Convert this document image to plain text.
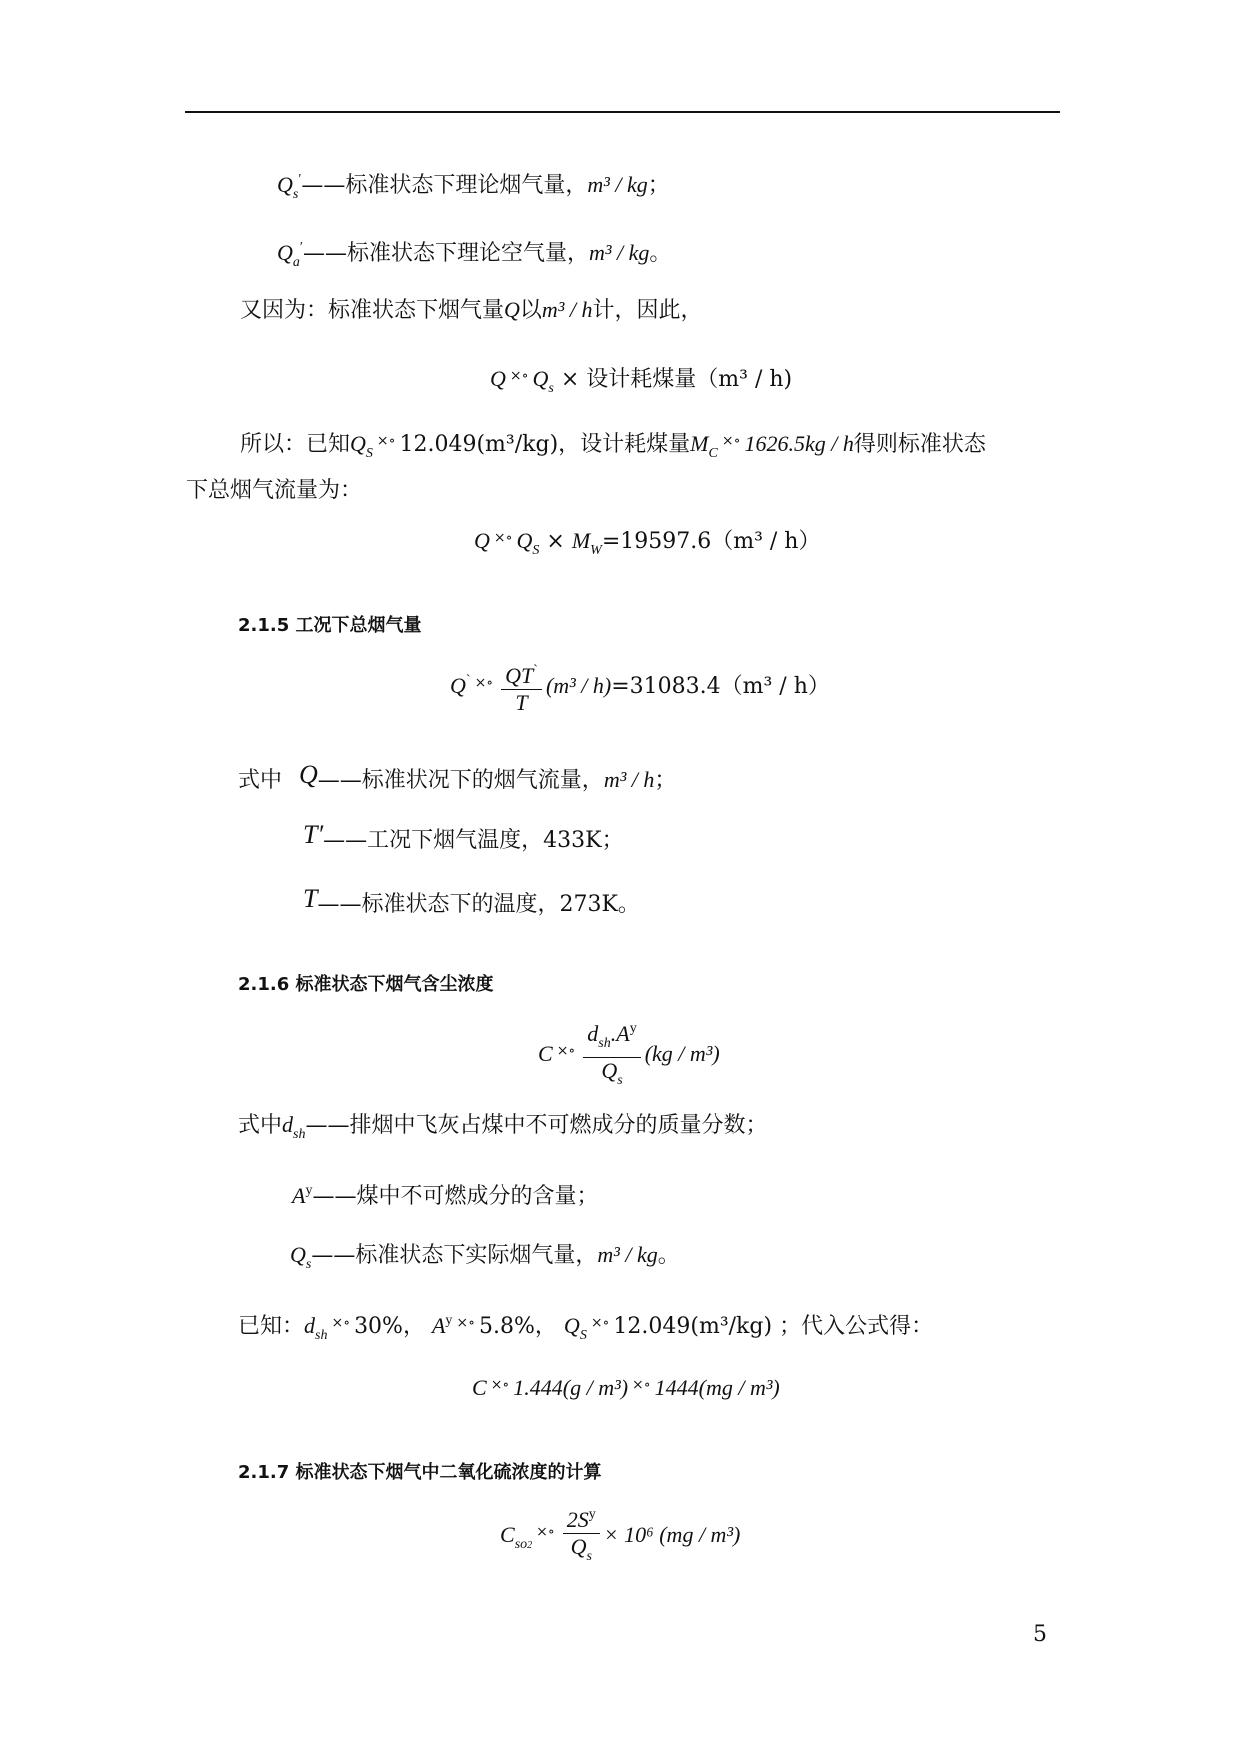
$Q_s'——$标准状态下理论烟气量，m³ / kg；
$Q_a'——$标准状态下理论空气量，m³ / kg。
又因为：标准状态下烟气量Q以m³ / h计，因此，
Q ×∘ $Q_s$ × 设计耗煤量（m³ / h)
所以：已知$Q_S^{\times\circ}$ 12.049(m³/kg)，设计耗煤量$M_C^{\times\circ}$ 1626.5kg / h得则标准状态
下总烟气流量为：
Q ×∘ $Q_S \times M_W=19597.6(m^3 / h)$
2.1.5 工况下总烟气量
Q` $^{\times\circ} \frac{QT^`}{T} (m^3 / h)=31083.4(m^3 / h)$
式中 Q——标准状况下的烟气流量，m³ / h；
T′——工况下烟气温度，433K；
T——标准状态下的温度，273K。
2.1.6 标准状态下烟气含尘浓度
C $^{\times\circ} \frac{d_{sh}.A^y}{Q_s} (kg / m^3)$
式中$d_{sh}——$排烟中飞灰占煤中不可燃成分的质量分数；
$A^y——$煤中不可燃成分的含量；
$Q_s——$标准状态下实际烟气量，m³ / kg。
已知：$d_{sh}^{\times\circ}$ 30%， $A^y$ ×∘ 5.8%， $Q_S^{\times\circ}$ 12.049(m³/kg) ；代入公式得：
C ×∘ 1.444(g / m³) ×∘ 1444(mg / m³)
2.1.7 标准状态下烟气中二氧化硫浓度的计算
$C_{so2}^{\times\circ} \frac{2S^y}{Q_s} \times 10^6$ (mg / m³)
5
